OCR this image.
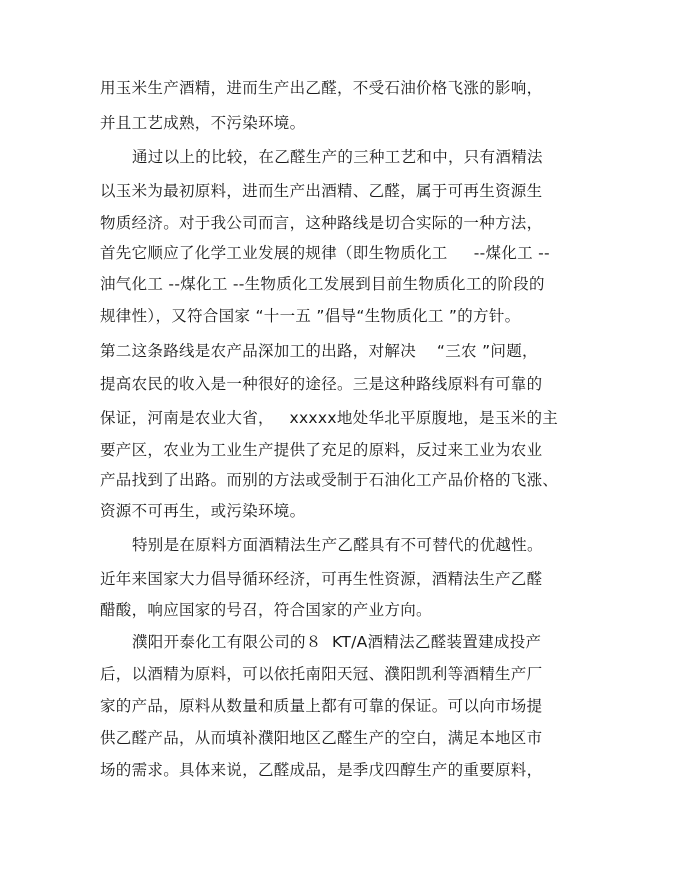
用玉米生产酒精，进而生产出乙醛，不受石油价格飞涨的影响，
并且工艺成熟，不污染环境。
通过以上的比较，在乙醛生产的三种工艺和中，只有酒精法
以玉米为最初原料，进而生产出酒精、乙醛，属于可再生资源生
物质经济。对于我公司而言，这种路线是切合实际的一种方法，
首先它顺应了化学工业发展的规律（即生物质化工     --煤化工 --
油气化工 --煤化工 --生物质化工发展到目前生物质化工的阶段的
规律性），又符合国家 “十一五 ”倡导“生物质化工 ”的方针。
第二这条路线是农产品深加工的出路，对解决    “三农 ”问题，
提高农民的收入是一种很好的途径。三是这种路线原料有可靠的
保证，河南是农业大省，   xxxxx地处华北平原腹地，是玉米的主
要产区，农业为工业生产提供了充足的原料，反过来工业为农业
产品找到了出路。而别的方法或受制于石油化工产品价格的飞涨、
资源不可再生，或污染环境。
特别是在原料方面酒精法生产乙醛具有不可替代的优越性。
近年来国家大力倡导循环经济，可再生性资源，酒精法生产乙醛
醋酸，响应国家的号召，符合国家的产业方向。
濮阳开泰化工有限公司的８  KT/A酒精法乙醛装置建成投产
后，以酒精为原料，可以依托南阳天冠、濮阳凯利等酒精生产厂
家的产品，原料从数量和质量上都有可靠的保证。可以向市场提
供乙醛产品，从而填补濮阳地区乙醛生产的空白，满足本地区市
场的需求。具体来说，乙醛成品，是季戊四醇生产的重要原料，
